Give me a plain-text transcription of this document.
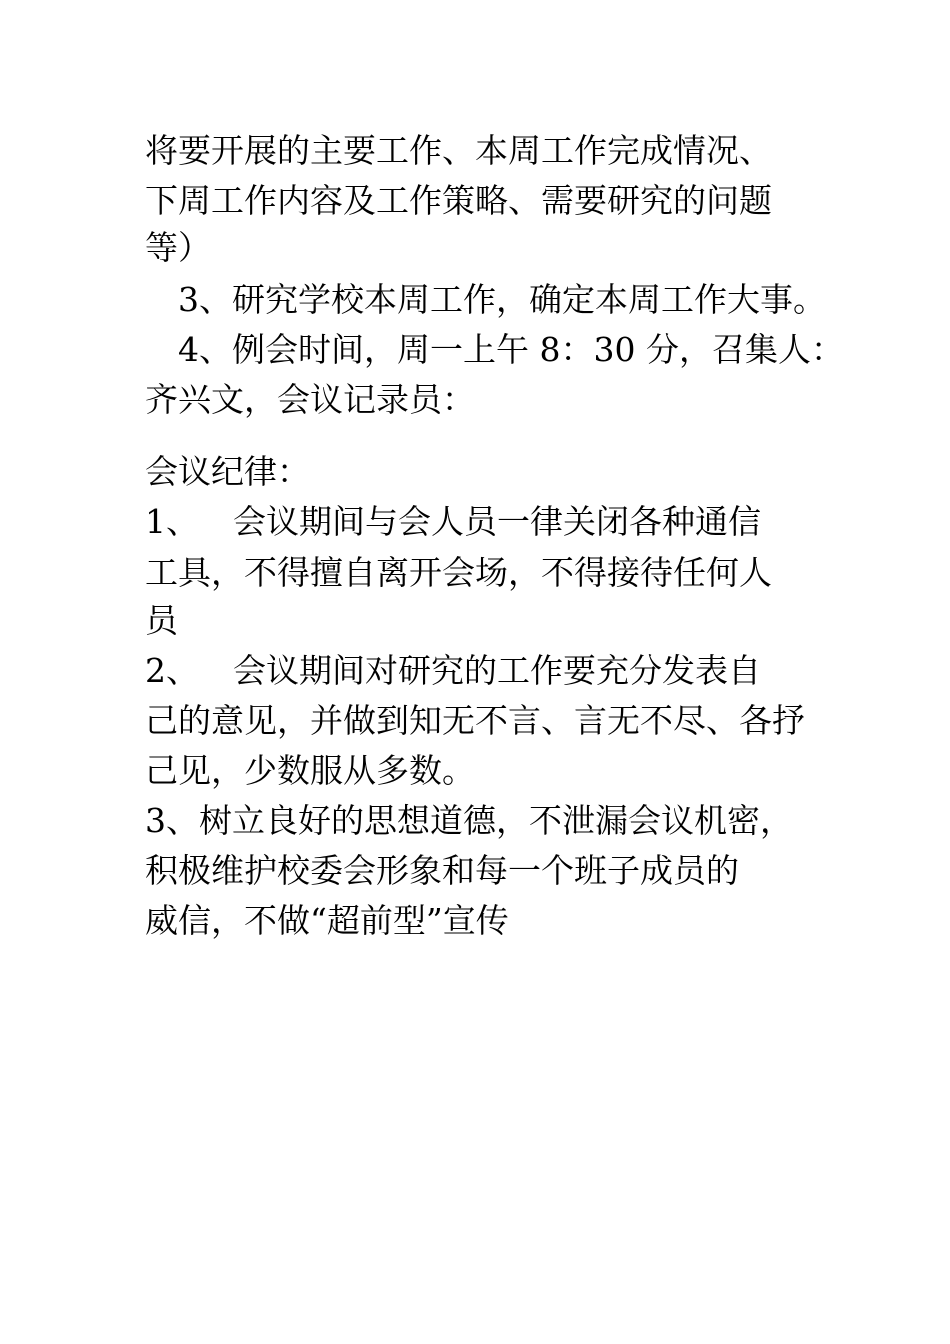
将要开展的主要工作、本周工作完成情况、
下周工作内容及工作策略、需要研究的问题
等）
3、研究学校本周工作，确定本周工作大事。
4、例会时间，周一上午 8：30 分，召集人：
齐兴文，会议记录员：
会议纪律：
1、 会议期间与会人员一律关闭各种通信
工具，不得擅自离开会场，不得接待任何人
员
2、 会议期间对研究的工作要充分发表自
己的意见，并做到知无不言、言无不尽、各抒
己见，少数服从多数。
3、树立良好的思想道德，不泄漏会议机密，
积极维护校委会形象和每一个班子成员的
威信，不做“超前型”宣传
